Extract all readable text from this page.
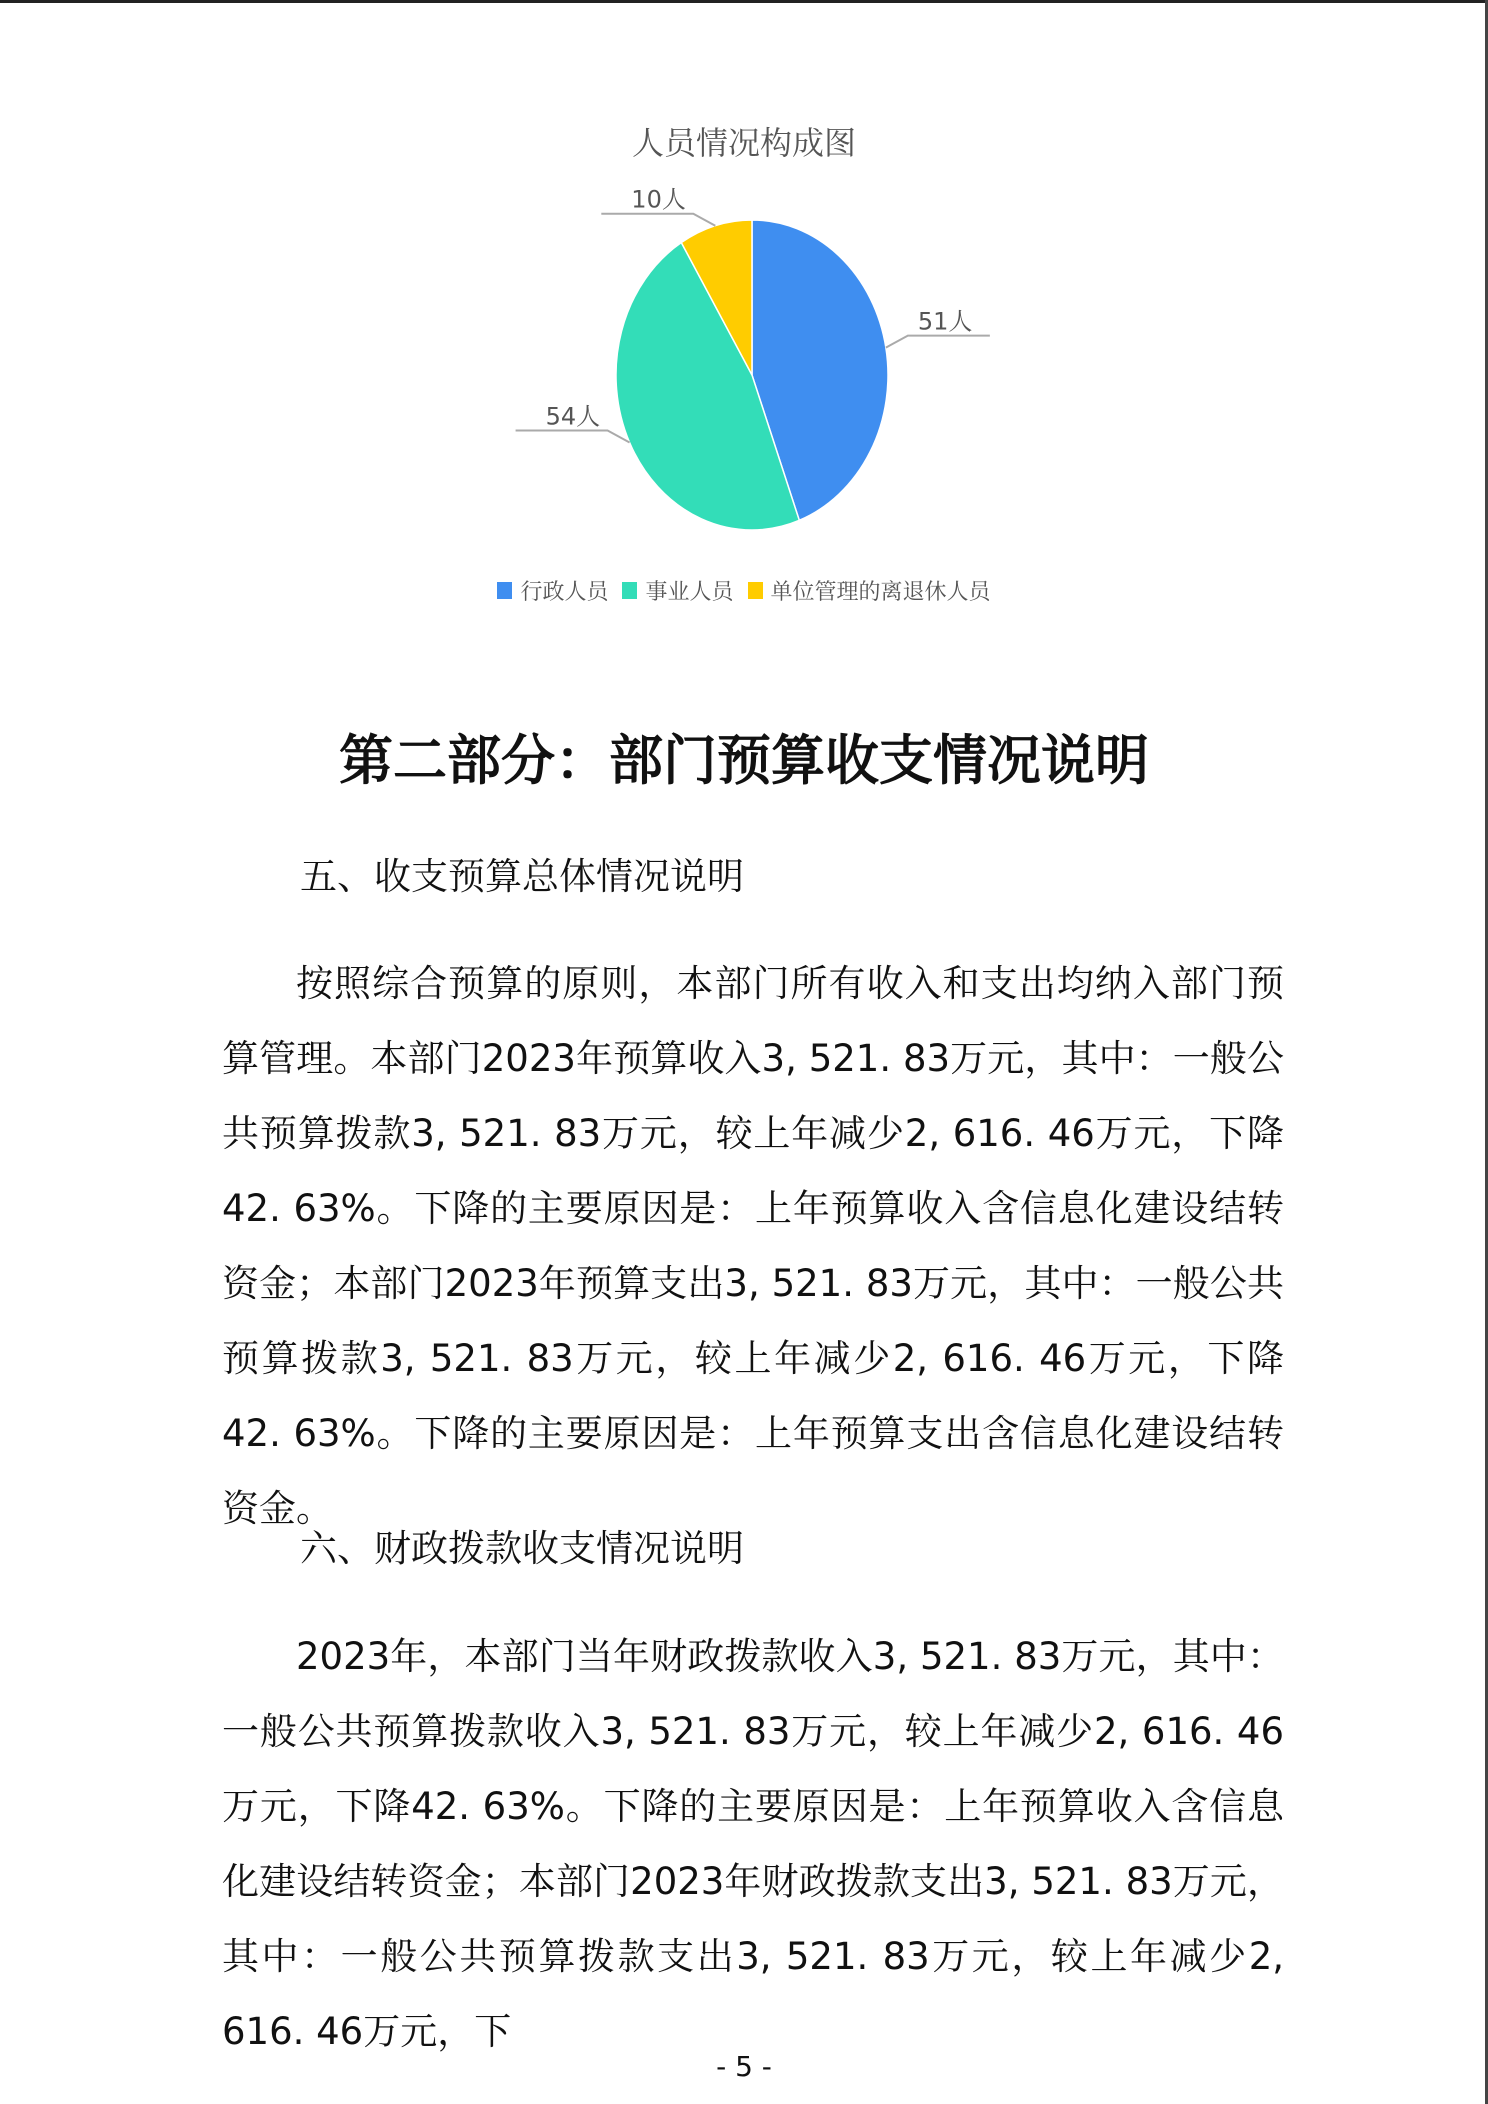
人员情况构成图
51人
54人
10人
行政人员 事业人员 单位管理的离退休人员
第二部分：部门预算收支情况说明
五、收支预算总体情况说明

按照综合预算的原则，本部门所有收入和支出均纳入部门预算管理。本部门2023年预算收入3, 521. 83万元，其中：一般公共预算拨款3, 521. 83万元，较上年减少2, 616. 46万元，下降42. 63%。下降的主要原因是：上年预算收入含信息化建设结转资金；本部门2023年预算支出3, 521. 83万元，其中：一般公共预算拨款3, 521. 83万元，较上年减少2, 616. 46万元，下降42. 63%。下降的主要原因是：上年预算支出含信息化建设结转资金。

六、财政拨款收支情况说明

2023年，本部门当年财政拨款收入3, 521. 83万元，其中：一般公共预算拨款收入3, 521. 83万元，较上年减少2, 616. 46万元，下降42. 63%。下降的主要原因是：上年预算收入含信息化建设结转资金；本部门2023年财政拨款支出3, 521. 83万元，其中：一般公共预算拨款支出3, 521. 83万元，较上年减少2, 616. 46万元，下

- 5 -
